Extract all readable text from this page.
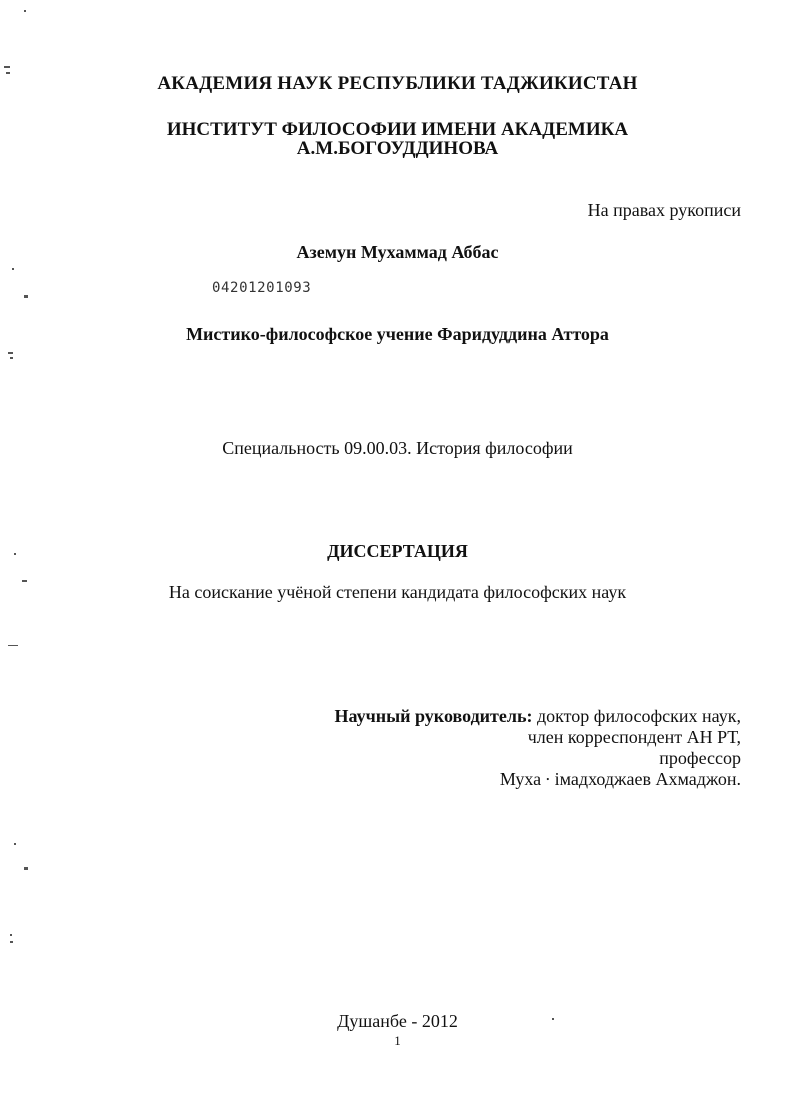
АКАДЕМИЯ НАУК РЕСПУБЛИКИ ТАДЖИКИСТАН
ИНСТИТУТ ФИЛОСОФИИ ИМЕНИ АКАДЕМИКА
А.М.БОГОУДДИНОВА
На правах рукописи
Аземун Мухаммад Аббас
04201201093
Мистико-философское учение Фаридуддина Аттора
Специальность 09.00.03. История философии
ДИССЕРТАЦИЯ
На соискание учёной степени кандидата философских наук
Научный руководитель: доктор философских наук,
член корреспондент АН РТ,
профессор
Муха ∙ імадходжаев Ахмаджон.
Душанбе - 2012
1
